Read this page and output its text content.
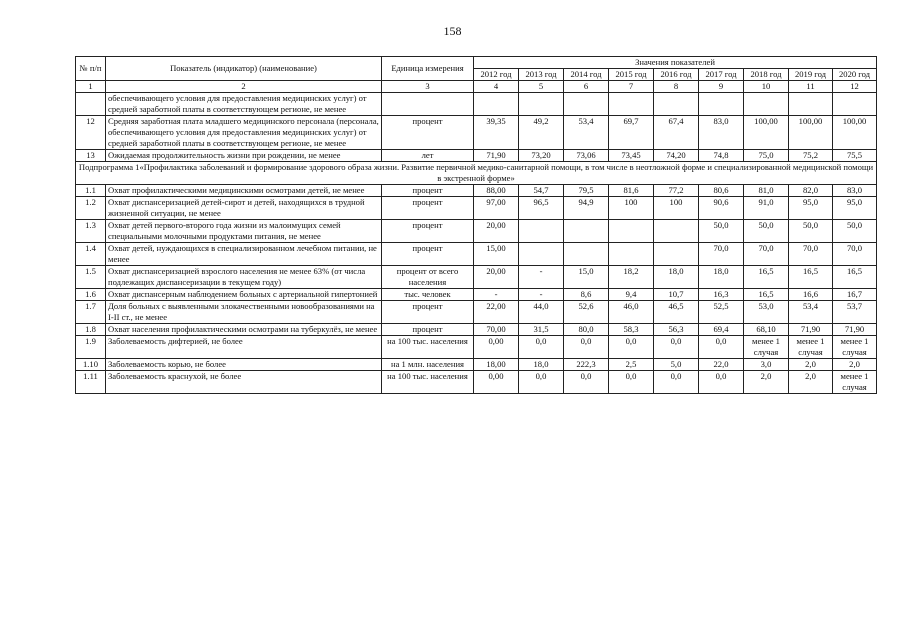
158
№ п/п	Показатель (индикатор) (наименование)	Единица измерения	Значения показателей								
			2012 год	2013 год	2014 год	2015 год	2016 год	2017 год	2018 год	2019 год	2020 год
1	2	3	4	5	6	7	8	9	10	11	12
	обеспечивающего условия для предоставления медицинских услуг) от средней заработной платы в соответствующем регионе, не менее										
12	Средняя заработная плата младшего медицинского персонала (персонала, обеспечивающего условия для предоставления медицинских услуг) от средней заработной платы в соответствующем регионе, не менее	процент	39,35	49,2	53,4	69,7	67,4	83,0	100,00	100,00	100,00
13	Ожидаемая продолжительность жизни при рождении, не менее	лет	71,90	73,20	73,06	73,45	74,20	74,8	75,0	75,2	75,5
Подпрограмма 1«Профилактика заболеваний и формирование здорового образа жизни. Развитие первичной медико-санитарной помощи, в том числе в неотложной форме и специализированной медицинской помощи в экстренной форме»											
1.1	Охват профилактическими медицинскими осмотрами детей, не менее	процент	88,00	54,7	79,5	81,6	77,2	80,6	81,0	82,0	83,0
1.2	Охват диспансеризацией детей-сирот и детей, находящихся в трудной жизненной ситуации, не менее	процент	97,00	96,5	94,9	100	100	90,6	91,0	95,0	95,0
1.3	Охват детей первого-второго года жизни из малоимущих семей специальными молочными продуктами питания, не менее	процент	20,00					50,0	50,0	50,0	50,0
1.4	Охват детей, нуждающихся в специализированном лечебном питании, не менее	процент	15,00					70,0	70,0	70,0	70,0
1.5	Охват диспансеризацией взрослого населения не менее 63% (от числа подлежащих диспансеризации в текущем году)	процент от всего населения	20,00	-	15,0	18,2	18,0	18,0	16,5	16,5	16,5
1.6	Охват диспансерным наблюдением больных с артериальной гипертонией	тыс. человек	-	-	8,6	9,4	10,7	16,3	16,5	16,6	16,7
1.7	Доля больных с выявленными злокачественными новообразованиями на I-II ст., не менее	процент	22,00	44,0	52,6	46,0	46,5	52,5	53,0	53,4	53,7
1.8	Охват населения профилактическими осмотрами на туберкулёз, не менее	процент	70,00	31,5	80,0	58,3	56,3	69,4	68,10	71,90	71,90
1.9	Заболеваемость дифтерией, не более	на 100 тыс. населения	0,00	0,0	0,0	0,0	0,0	0,0	менее 1 случая	менее 1 случая	менее 1 случая
1.10	Заболеваемость корью, не более	на 1 млн. населения	18,00	18,0	222,3	2,5	5,0	22,0	3,0	2,0	2,0
1.11	Заболеваемость краснухой, не более	на 100 тыс. населения	0,00	0,0	0,0	0,0	0,0	0,0	2,0	2,0	менее 1 случая
